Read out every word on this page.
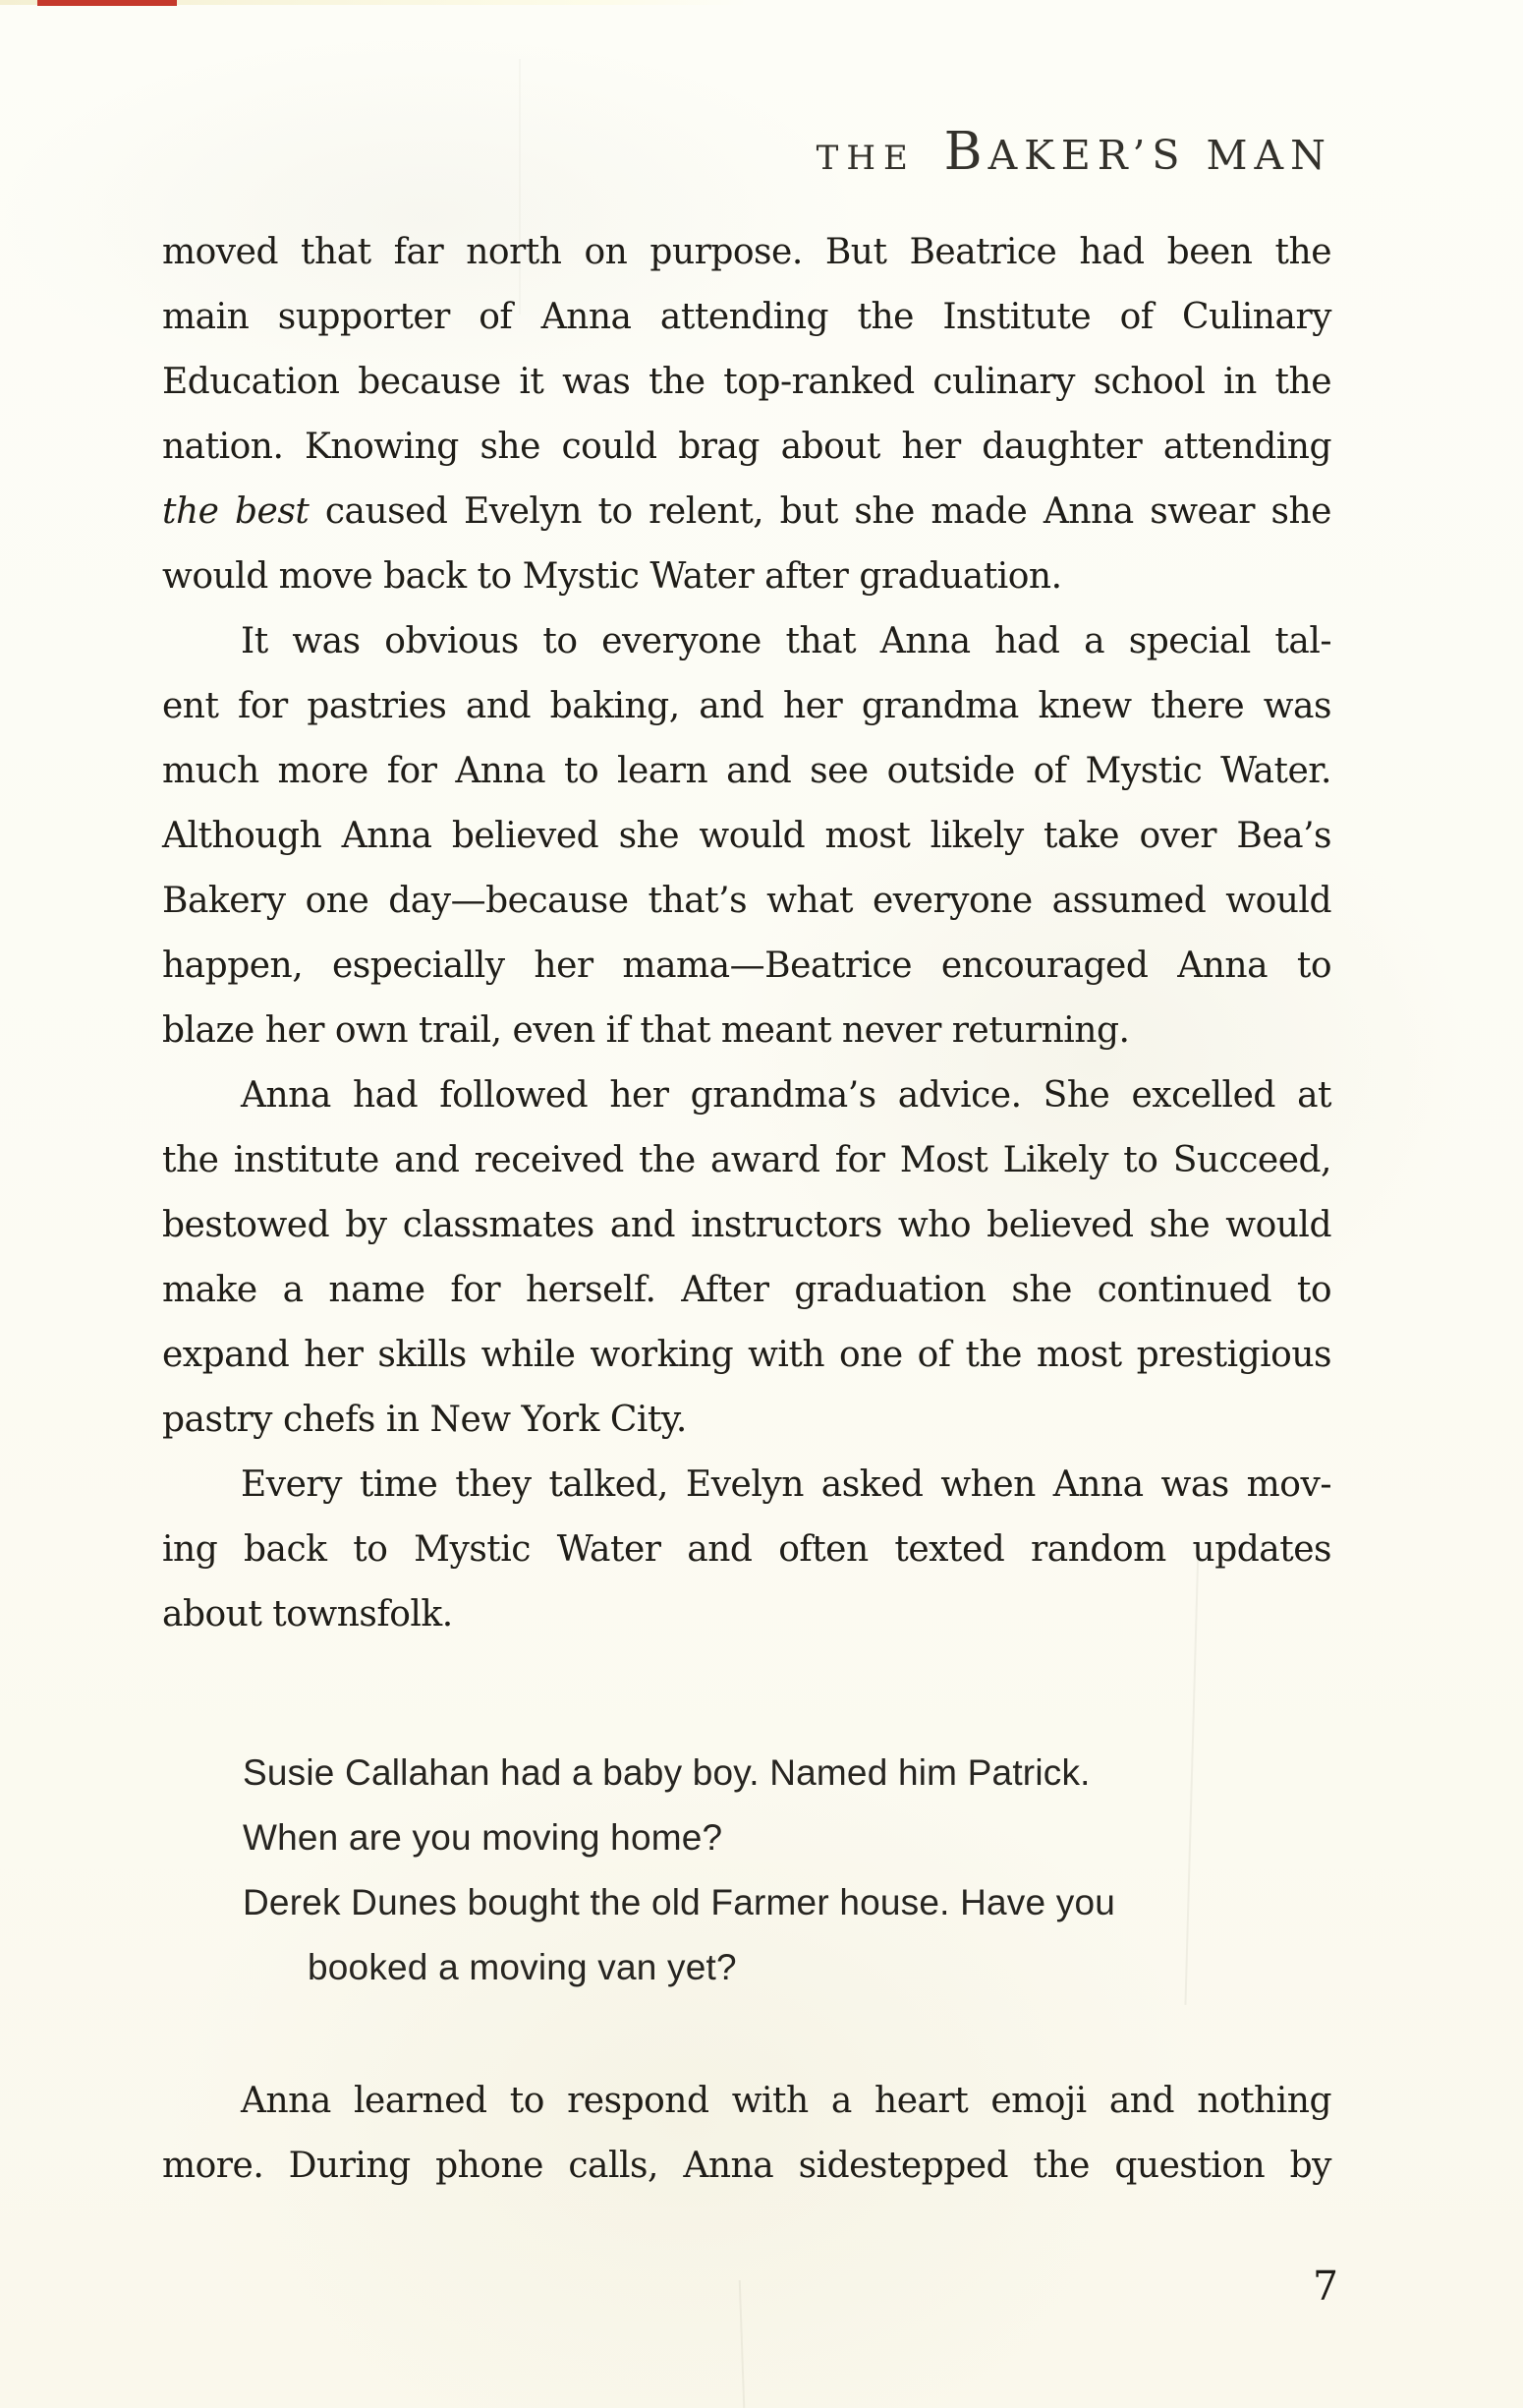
THE BAKER’S MAN
moved that far north on purpose. But Beatrice had been the
main supporter of Anna attending the Institute of Culinary
Education because it was the top-ranked culinary school in the
nation. Knowing she could brag about her daughter attending
the best caused Evelyn to relent, but she made Anna swear she
would move back to Mystic Water after graduation.
It was obvious to everyone that Anna had a special tal-
ent for pastries and baking, and her grandma knew there was
much more for Anna to learn and see outside of Mystic Water.
Although Anna believed she would most likely take over Bea’s
Bakery one day—because that’s what everyone assumed would
happen, especially her mama—Beatrice encouraged Anna to
blaze her own trail, even if that meant never returning.
Anna had followed her grandma’s advice. She excelled at
the institute and received the award for Most Likely to Succeed,
bestowed by classmates and instructors who believed she would
make a name for herself. After graduation she continued to
expand her skills while working with one of the most prestigious
pastry chefs in New York City.
Every time they talked, Evelyn asked when Anna was mov-
ing back to Mystic Water and often texted random updates
about townsfolk.
Susie Callahan had a baby boy. Named him Patrick.
When are you moving home?
Derek Dunes bought the old Farmer house. Have you
booked a moving van yet?
Anna learned to respond with a heart emoji and nothing
more. During phone calls, Anna sidestepped the question by
7
